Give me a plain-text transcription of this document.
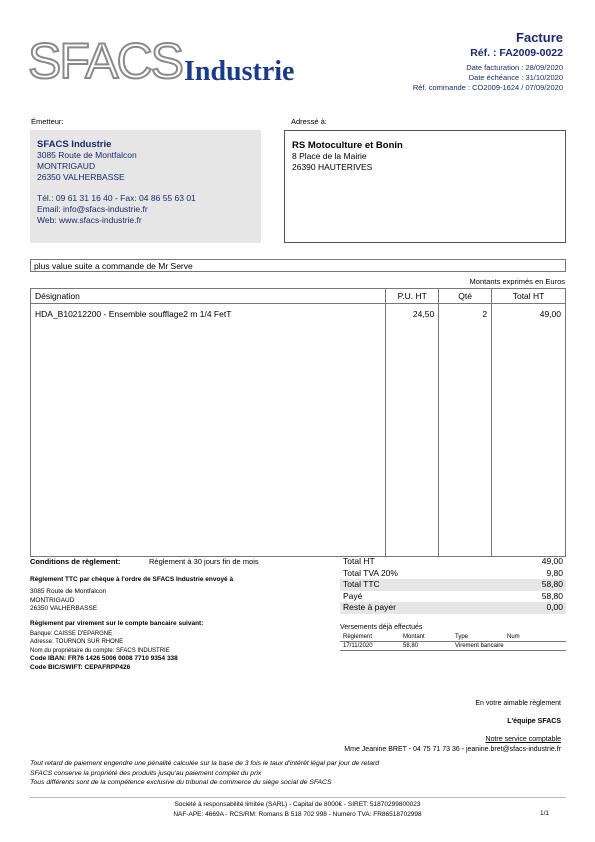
SFACS Industrie
Facture
Réf. : FA2009-0022
Date facturation : 28/09/2020
Date échéance : 31/10/2020
Réf. commande : CO2009-1624 / 07/09/2020
Émetteur:
SFACS Industrie
3085 Route de Montfalcon
MONTRIGAUD
26350 VALHERBASSE
Tél.: 09 61 31 16 40 - Fax: 04 86 55 63 01
Email: info@sfacs-industrie.fr
Web: www.sfacs-industrie.fr
Adressé à:
RS Motoculture et Bonin
8 Place de la Mairie
26390 HAUTERIVES
plus value suite a commande de Mr Serve
Montants exprimés en Euros
Désignation	P.U. HT	Qté	Total HT
HDA_B10212200 - Ensemble soufflage2 m 1/4 FetT	24,50	2	49,00

Conditions de règlement:	Règlement à 30 jours fin de mois
Règlement TTC par chèque à l'ordre de SFACS Industrie envoyé à
3085 Route de Montfalcon
MONTRIGAUD
26350 VALHERBASSE
Règlement par virement sur le compte bancaire suivant:
Banque: CAISSE D'EPARGNE
Adresse: TOURNON SUR RHONE
Nom du propriétaire du compte: SFACS INDUSTRIE
Code IBAN: FR76 1426 5006 0008 7710 9354 338
Code BIC/SWIFT: CEPAFRPP426
Total HT	49,00
Total TVA 20%	9,80
Total TTC	58,80
Payé	58,80
Reste à payer	0,00
Versements déjà effectués
Règlement	Montant	Type	Num
17/11/2020	58,80	Virement bancaire
En votre aimable règlement
L'équipe SFACS
Notre service comptable
Mme Jeanine BRET - 04 75 71 73 36 - jeanine.bret@sfacs-industrie.fr
Tout retard de paiement engendre une pénalité calculée sur la base de 3 fois le taux d'intérêt légal par jour de retard
SFACS conserve la propriété des produits jusqu'au paiement complet du prix
Tous différents sont de la compétence exclusive du tribunal de commerce du siège social de SFACS
Société à responsabilité limitée (SARL) - Capital de 8000€ - SIRET: 51870299800023
NAF-APE: 4669A - RCS/RM: Romans B 518 702 998 - Numéro TVA: FR86518702998	1/1
